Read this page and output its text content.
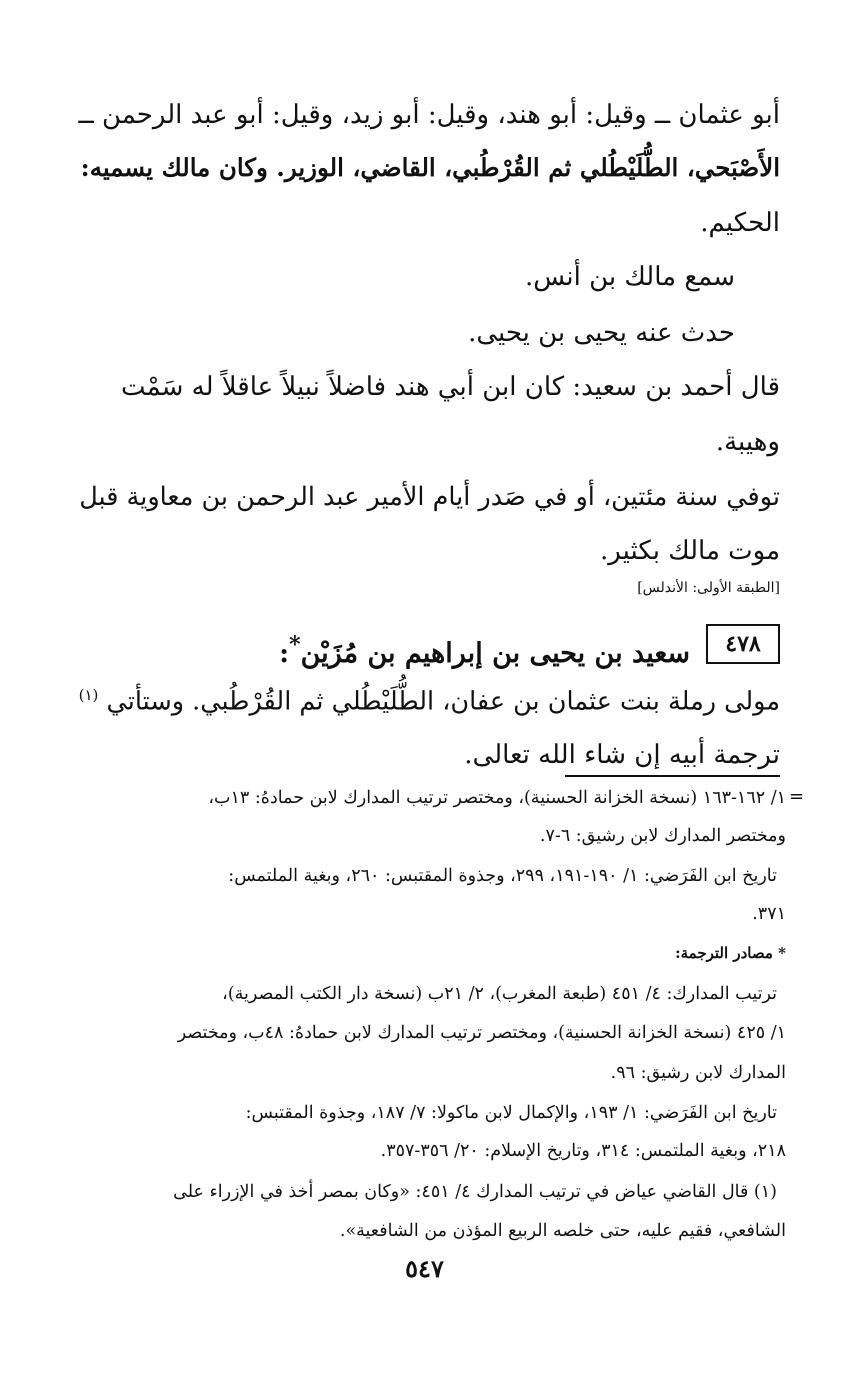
أبو عثمان ــ وقيل: أبو هند، وقيل: أبو زيد، وقيل: أبو عبد الرحمن ــ
الأَصْبَحي، الطُّلَيْطُلي ثم القُرْطُبي، القاضي، الوزير. وكان مالك يسميه:
الحكيم.
سمع مالك بن أنس.
حدث عنه يحيى بن يحيى.
قال أحمد بن سعيد: كان ابن أبي هند فاضلاً نبيلاً عاقلاً له سَمْت
وهيبة.
توفي سنة مئتين، أو في صَدر أيام الأمير عبد الرحمن بن معاوية قبل
موت مالك بكثير.
[الطبقة الأولى: الأندلس]
٤٧٨
سعيد بن يحيى بن إبراهيم بن مُزَيْن*:
مولى رملة بنت عثمان بن عفان، الطُّلَيْطُلي ثم القُرْطُبي. وستأتي $^{(١)}$
ترجمة أبيه إن شاء الله تعالى.
=
١/ ١٦٢-١٦٣ (نسخة الخزانة الحسنية)، ومختصر ترتيب المدارك لابن حمادهُ: ١٣ب،
ومختصر المدارك لابن رشيق: ٦-٧.
تاريخ ابن الفَرَضي: ١/ ١٩٠-١٩١، ٢٩٩، وجذوة المقتبس: ٢٦٠، وبغية الملتمس:
٣٧١.
* مصادر الترجمة:
ترتيب المدارك: ٤/ ٤٥١ (طبعة المغرب)، ٢/ ٢١ب (نسخة دار الكتب المصرية)،
١/ ٤٢٥ (نسخة الخزانة الحسنية)، ومختصر ترتيب المدارك لابن حمادهُ: ٤٨ب، ومختصر
المدارك لابن رشيق: ٩٦.
تاريخ ابن الفَرَضي: ١/ ١٩٣، والإكمال لابن ماكولا: ٧/ ١٨٧، وجذوة المقتبس:
٢١٨، وبغية الملتمس: ٣١٤، وتاريخ الإسلام: ٢٠/ ٣٥٦-٣٥٧.
(١) قال القاضي عياض في ترتيب المدارك ٤/ ٤٥١: «وكان بمصر أخذ في الإزراء على
الشافعي، فقيم عليه، حتى خلصه الربيع المؤذن من الشافعية».
٥٤٧
